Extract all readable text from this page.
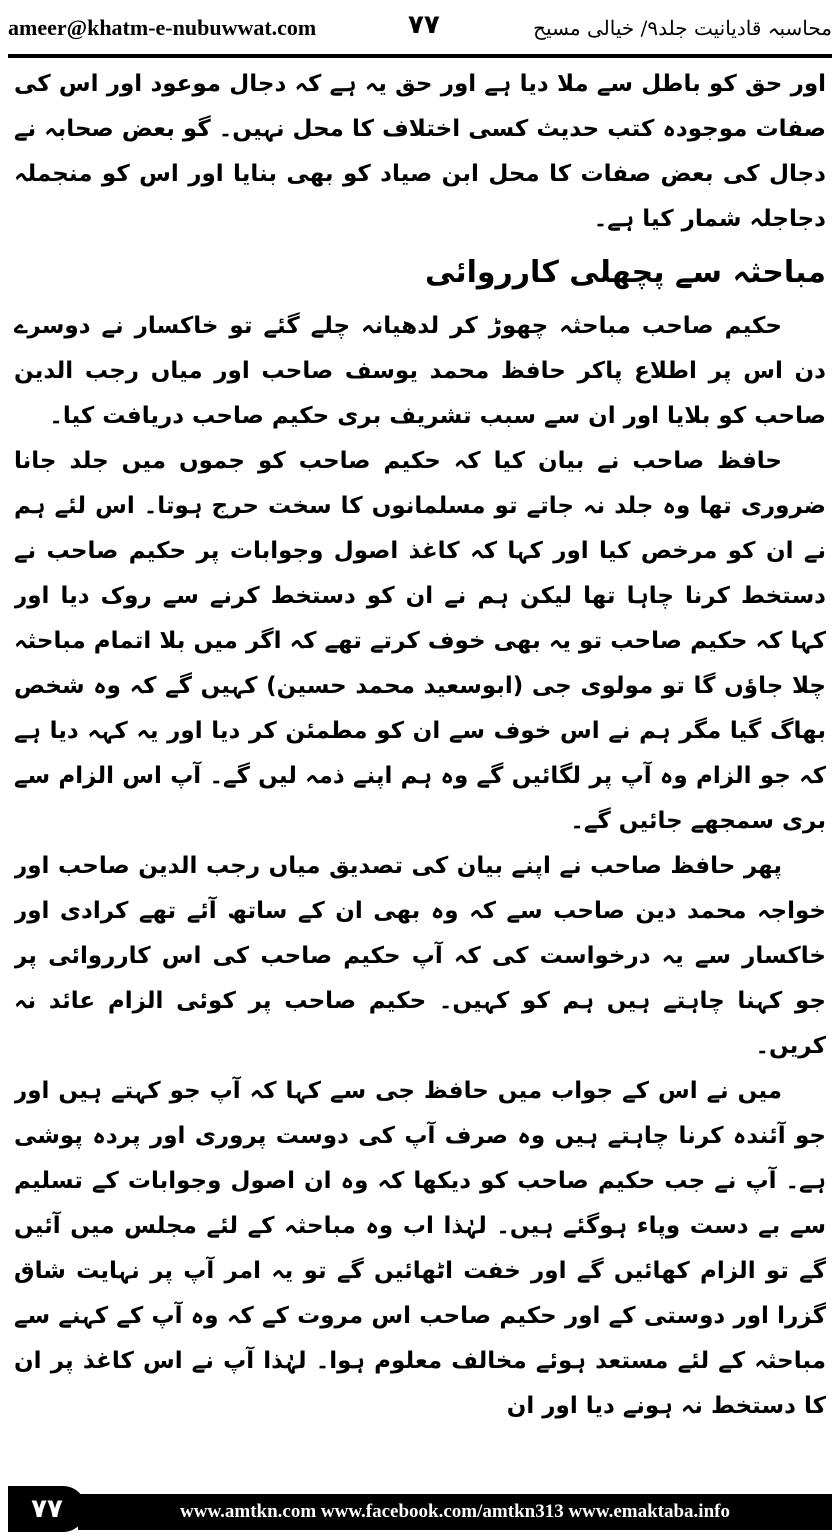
ameer@khatm-e-nubuwwat.com	۷۷	محاسبہ قادیانیت جلد۹/ خیالی مسیح

اور حق کو باطل سے ملا دیا ہے اور حق یہ ہے کہ دجال موعود اور اس کی صفات موجودہ کتب حدیث کسی اختلاف کا محل نہیں۔ گو بعض صحابہ نے دجال کی بعض صفات کا محل ابن صیاد کو بھی بنایا اور اس کو منجملہ دجاجلہ شمار کیا ہے۔

مباحثہ سے پچھلی کارروائی

حکیم صاحب مباحثہ چھوڑ کر لدھیانہ چلے گئے تو خاکسار نے دوسرے دن اس پر اطلاع پاکر حافظ محمد یوسف صاحب اور میاں رجب الدین صاحب کو بلایا اور ان سے سبب تشریف بری حکیم صاحب دریافت کیا۔

حافظ صاحب نے بیان کیا کہ حکیم صاحب کو جموں میں جلد جانا ضروری تھا وہ جلد نہ جاتے تو مسلمانوں کا سخت حرج ہوتا۔ اس لئے ہم نے ان کو مرخص کیا اور کہا کہ کاغذ اصول وجوابات پر حکیم صاحب نے دستخط کرنا چاہا تھا لیکن ہم نے ان کو دستخط کرنے سے روک دیا اور کہا کہ حکیم صاحب تو یہ بھی خوف کرتے تھے کہ اگر میں بلا اتمام مباحثہ چلا جاؤں گا تو مولوی جی (ابوسعید محمد حسین) کہیں گے کہ وہ شخص بھاگ گیا مگر ہم نے اس خوف سے ان کو مطمئن کر دیا اور یہ کہہ دیا ہے کہ جو الزام وہ آپ پر لگائیں گے وہ ہم اپنے ذمہ لیں گے۔ آپ اس الزام سے بری سمجھے جائیں گے۔

پھر حافظ صاحب نے اپنے بیان کی تصدیق میاں رجب الدین صاحب اور خواجہ محمد دین صاحب سے کہ وہ بھی ان کے ساتھ آئے تھے کرادی اور خاکسار سے یہ درخواست کی کہ آپ حکیم صاحب کی اس کارروائی پر جو کہنا چاہتے ہیں ہم کو کہیں۔ حکیم صاحب پر کوئی الزام عائد نہ کریں۔

میں نے اس کے جواب میں حافظ جی سے کہا کہ آپ جو کہتے ہیں اور جو آئندہ کرنا چاہتے ہیں وہ صرف آپ کی دوست پروری اور پردہ پوشی ہے۔ آپ نے جب حکیم صاحب کو دیکھا کہ وہ ان اصول وجوابات کے تسلیم سے بے دست وپاء ہوگئے ہیں۔ لہٰذا اب وہ مباحثہ کے لئے مجلس میں آئیں گے تو الزام کھائیں گے اور خفت اٹھائیں گے تو یہ امر آپ پر نہایت شاق گزرا اور دوستی کے اور حکیم صاحب اس مروت کے کہ وہ آپ کے کہنے سے مباحثہ کے لئے مستعد ہوئے مخالف معلوم ہوا۔ لہٰذا آپ نے اس کاغذ پر ان کا دستخط نہ ہونے دیا اور ان

www.amtkn.com www.facebook.com/amtkn313 www.emaktaba.info
۷۷
